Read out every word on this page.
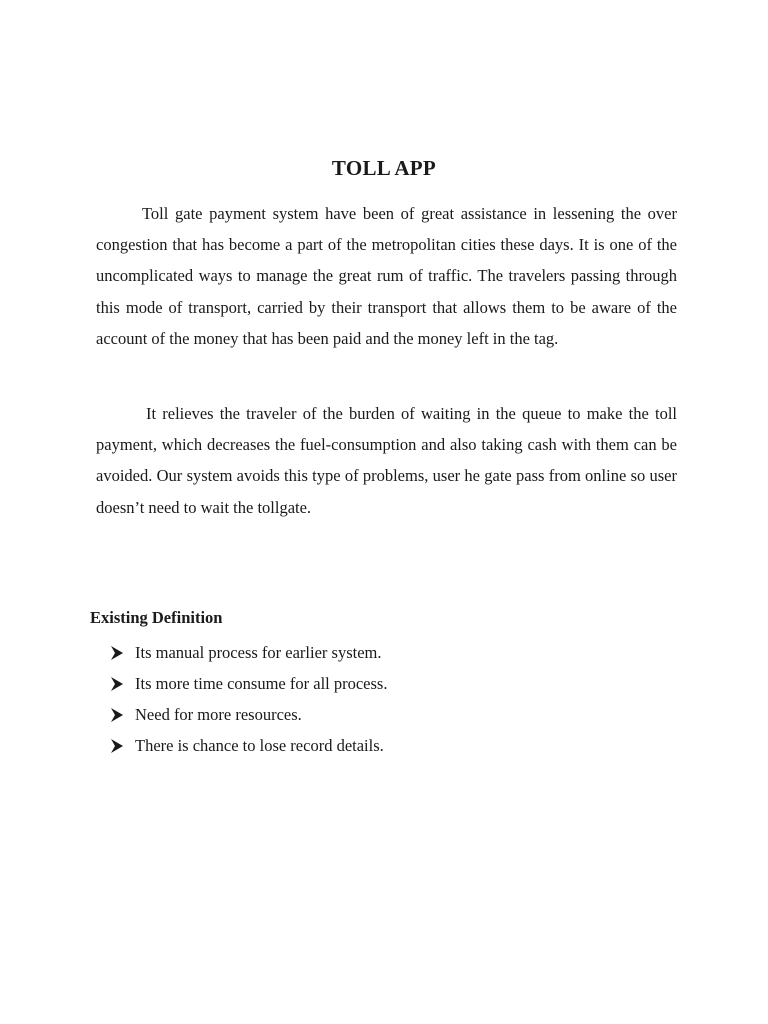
TOLL APP

Toll gate payment system have been of great assistance in lessening the over congestion that has become a part of the metropolitan cities these days. It is one of the uncomplicated ways to manage the great rum of traffic. The travelers passing through this mode of transport, carried by their transport that allows them to be aware of the account of the money that has been paid and the money left in the tag.

It relieves the traveler of the burden of waiting in the queue to make the toll payment, which decreases the fuel-consumption and also taking cash with them can be avoided. Our system avoids this type of problems, user he gate pass from online so user doesn’t need to wait the tollgate.

Existing Definition
Its manual process for earlier system.
Its more time consume for all process.
Need for more resources.
There is chance to lose record details.
